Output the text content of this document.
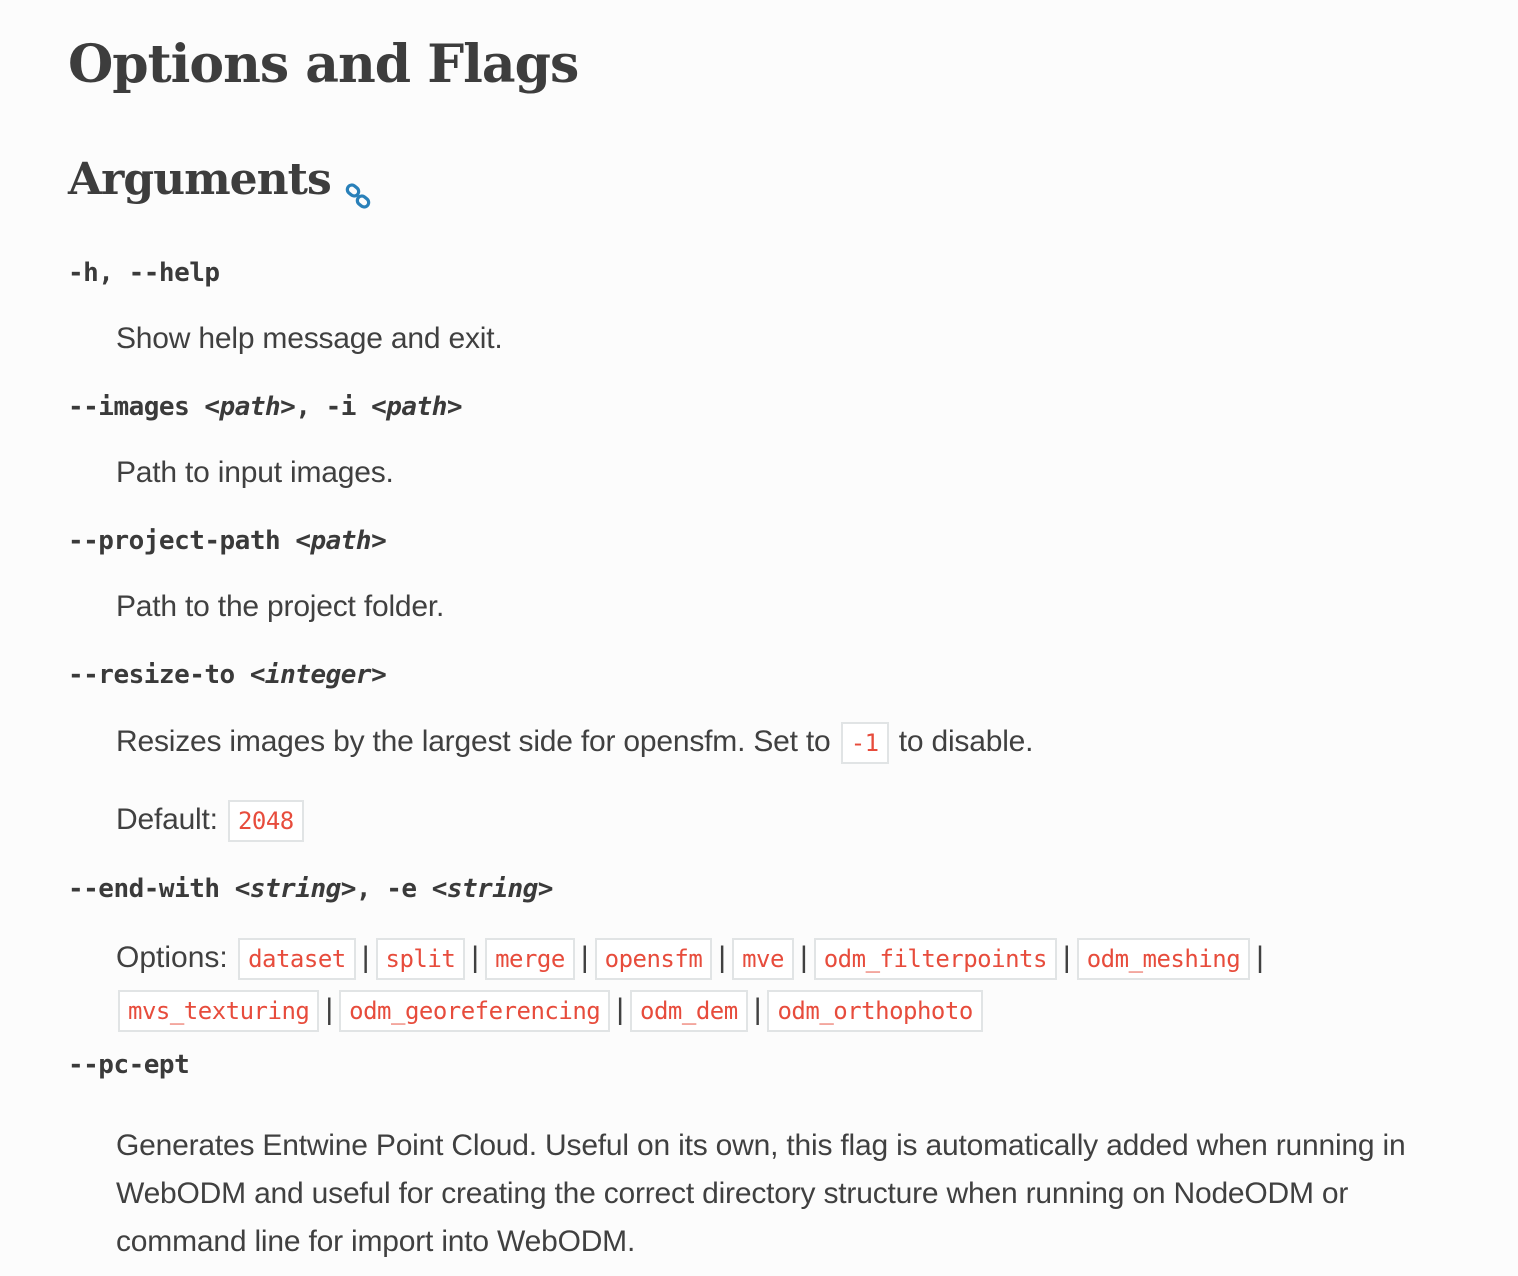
Options and Flags
Arguments
-h, --help
Show help message and exit.
--images <path>, -i <path>
Path to input images.
--project-path <path>
Path to the project folder.
--resize-to <integer>
Resizes images by the largest side for opensfm. Set to -1 to disable.
Default: 2048
--end-with <string>, -e <string>
Options: dataset | split | merge | opensfm | mve | odm_filterpoints | odm_meshing |
mvs_texturing | odm_georeferencing | odm_dem | odm_orthophoto
--pc-ept
Generates Entwine Point Cloud. Useful on its own, this flag is automatically added when running in WebODM and useful for creating the correct directory structure when running on NodeODM or command line for import into WebODM.
